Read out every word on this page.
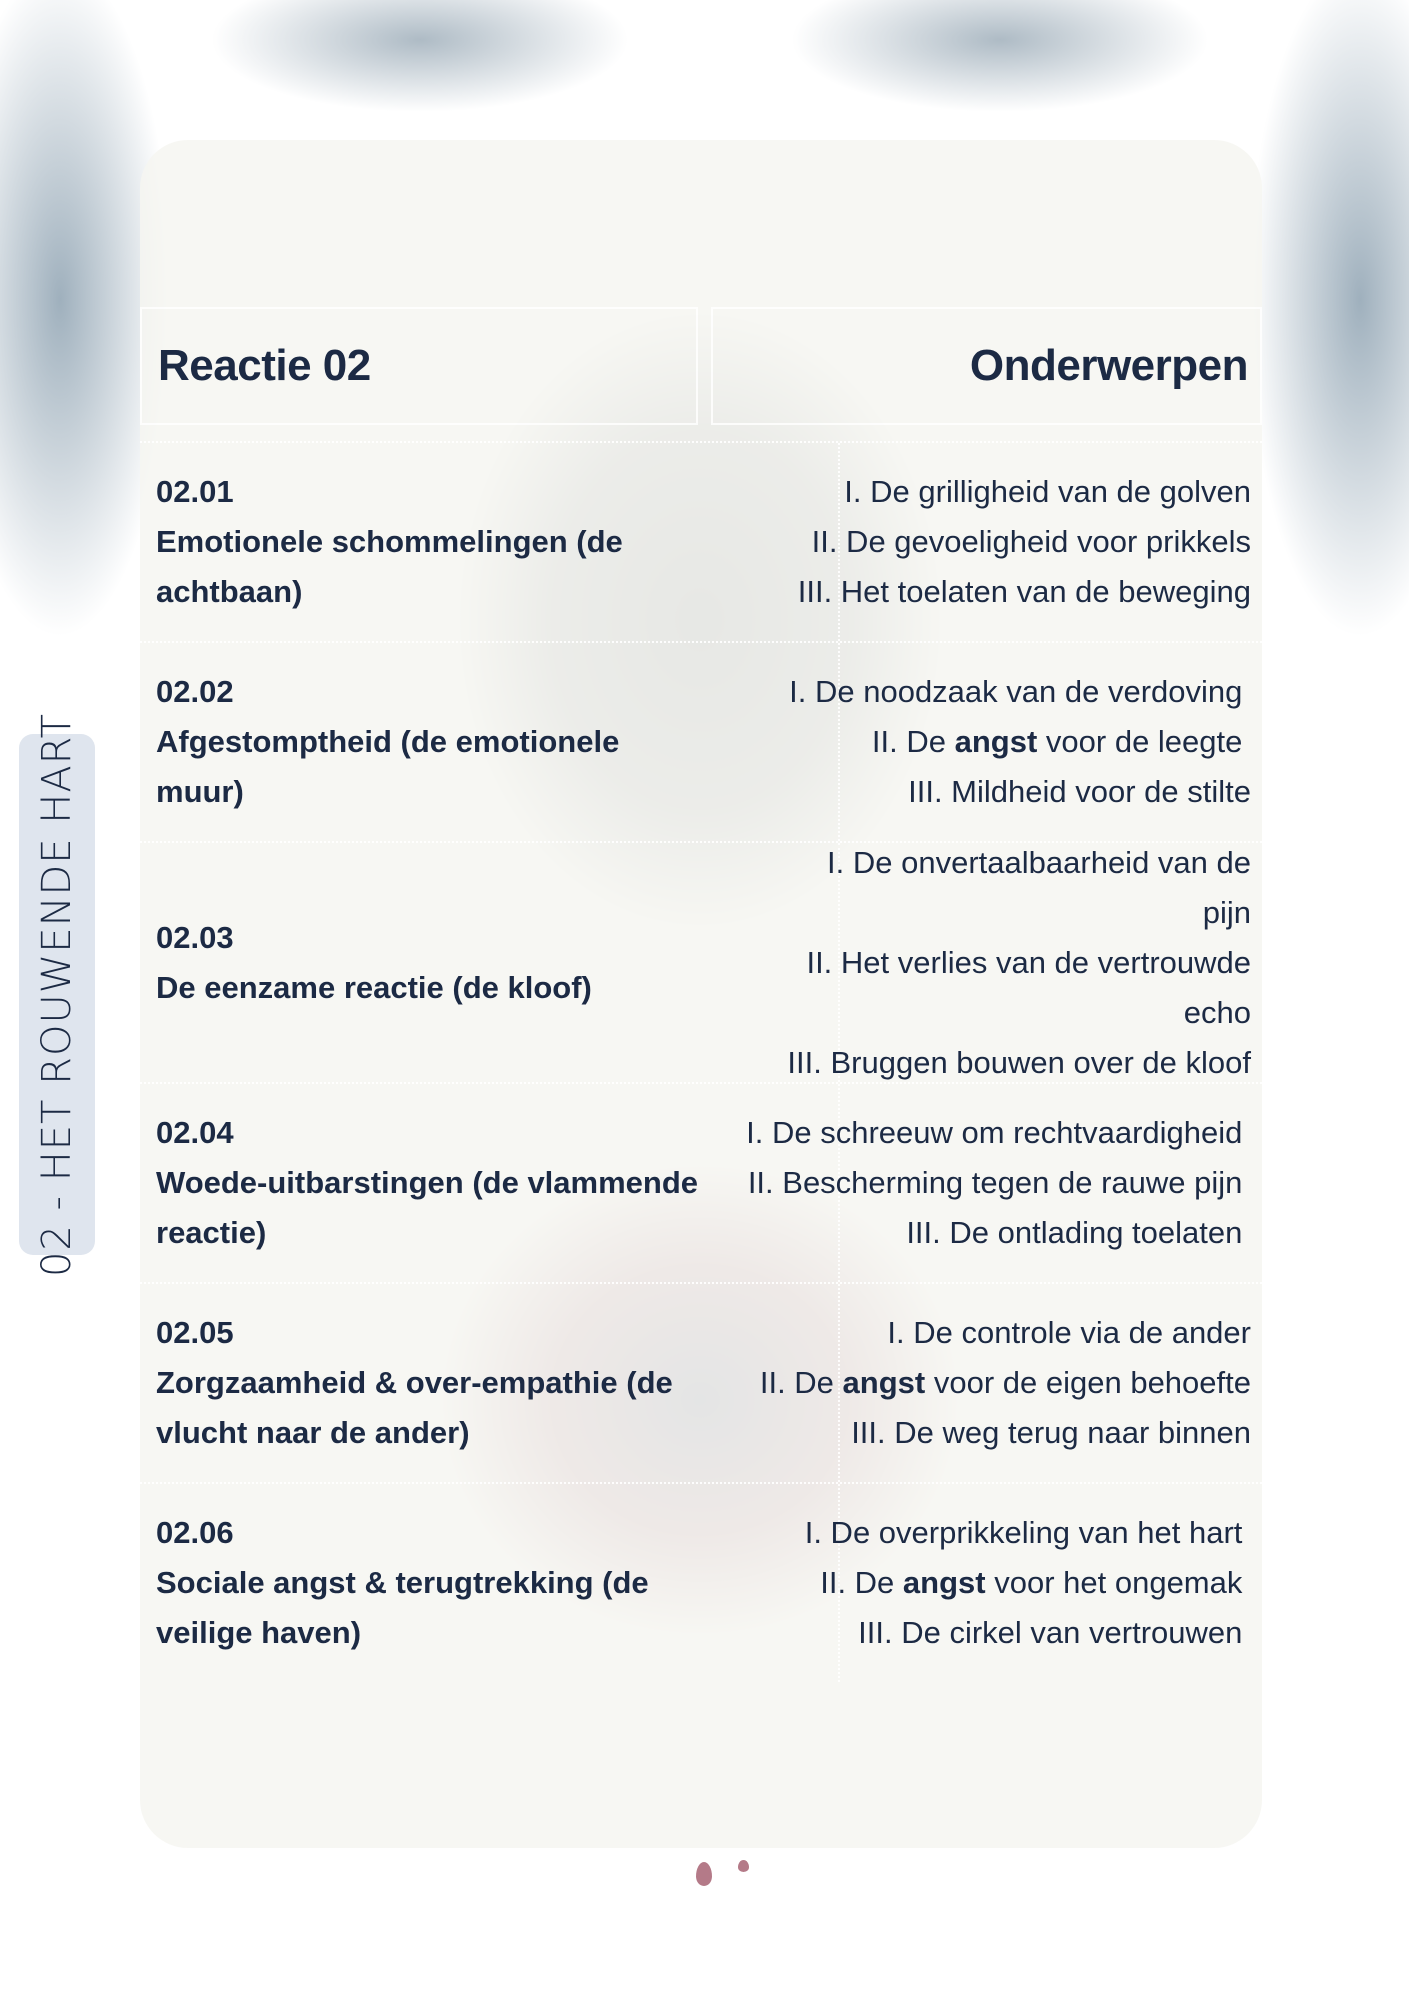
Reactie 02	Onderwerpen
02.01
Emotionele schommelingen (de achtbaan)
I. De grilligheid van de golven
II. De gevoeligheid voor prikkels
III. Het toelaten van de beweging
02.02
Afgestomptheid (de emotionele muur)
I. De noodzaak van de verdoving
II. De angst voor de leegte
III. Mildheid voor de stilte
02.03
De eenzame reactie (de kloof)
I. De onvertaalbaarheid van de pijn
II. Het verlies van de vertrouwde echo
III. Bruggen bouwen over de kloof
02.04
Woede-uitbarstingen (de vlammende reactie)
I. De schreeuw om rechtvaardigheid
II. Bescherming tegen de rauwe pijn
III. De ontlading toelaten
02.05
Zorgzaamheid & over-empathie (de vlucht naar de ander)
I. De controle via de ander
II. De angst voor de eigen behoefte
III. De weg terug naar binnen
02.06
Sociale angst & terugtrekking (de veilige haven)
I. De overprikkeling van het hart
II. De angst voor het ongemak
III. De cirkel van vertrouwen
02 - HET ROUWENDE HART
